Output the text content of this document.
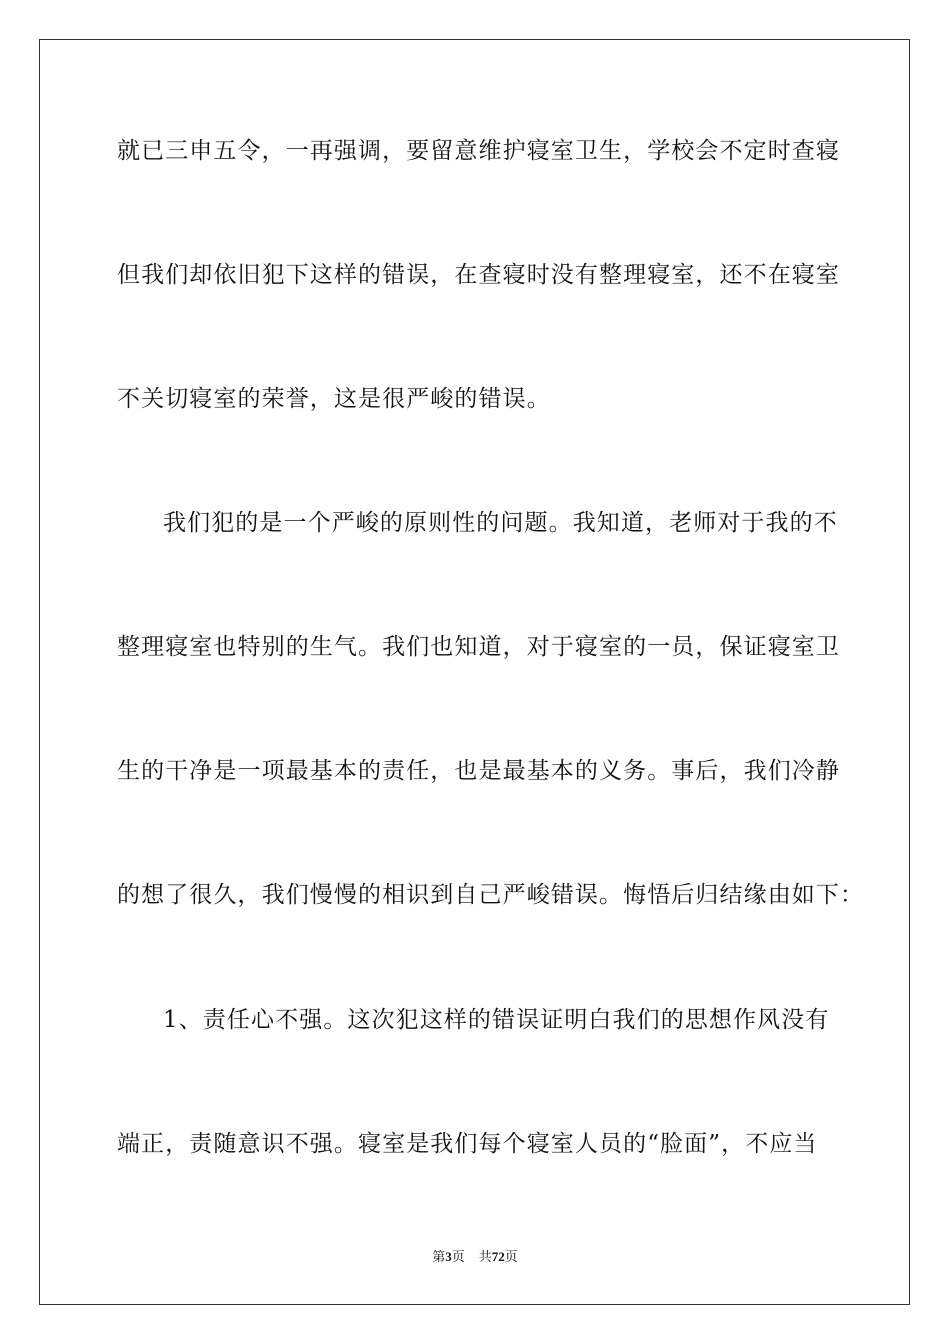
就已三申五令，一再强调，要留意维护寝室卫生，学校会不定时查寝
但我们却依旧犯下这样的错误，在查寝时没有整理寝室，还不在寝室
不关切寝室的荣誉，这是很严峻的错误。
我们犯的是一个严峻的原则性的问题。我知道，老师对于我的不
整理寝室也特别的生气。我们也知道，对于寝室的一员，保证寝室卫
生的干净是一项最基本的责任，也是最基本的义务。事后，我们冷静
的想了很久，我们慢慢的相识到自己严峻错误。悔悟后归结缘由如下：
1、责任心不强。这次犯这样的错误证明白我们的思想作风没有
端正，责随意识不强。寝室是我们每个寝室人员的“脸面”，不应当
第3页 共72页
